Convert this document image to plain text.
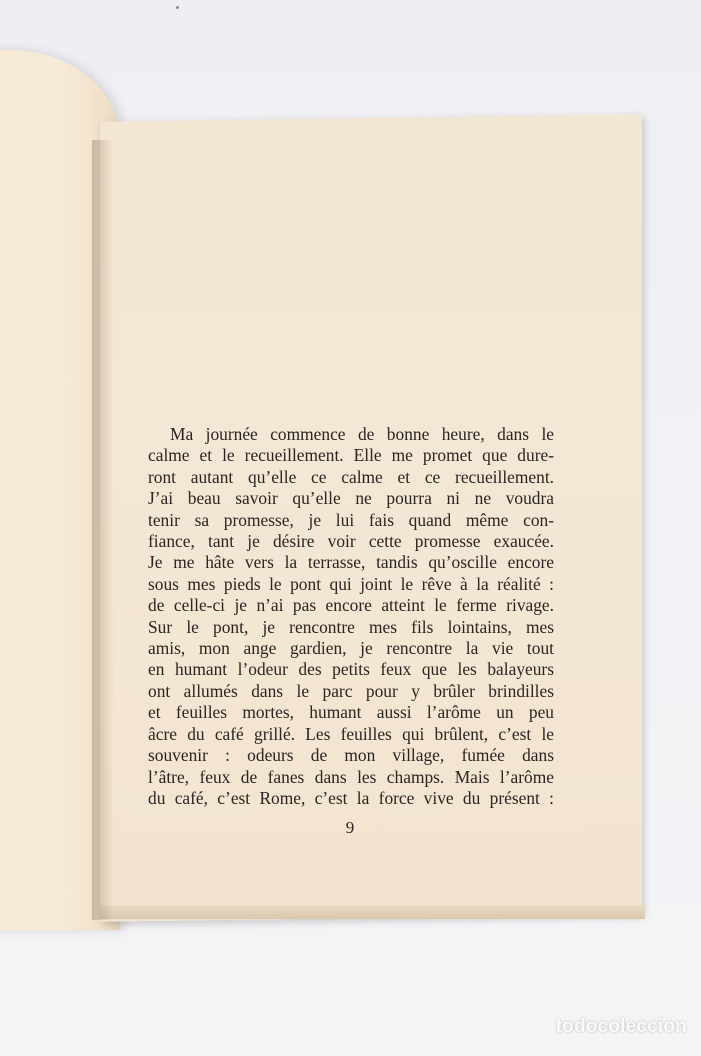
Ma journée commence de bonne heure, dans le
calme et le recueillement. Elle me promet que dure-
ront autant qu’elle ce calme et ce recueillement.
J’ai beau savoir qu’elle ne pourra ni ne voudra
tenir sa promesse, je lui fais quand même con-
fiance, tant je désire voir cette promesse exaucée.
Je me hâte vers la terrasse, tandis qu’oscille encore
sous mes pieds le pont qui joint le rêve à la réalité :
de celle-ci je n’ai pas encore atteint le ferme rivage.
Sur le pont, je rencontre mes fils lointains, mes
amis, mon ange gardien, je rencontre la vie tout
en humant l’odeur des petits feux que les balayeurs
ont allumés dans le parc pour y brûler brindilles
et feuilles mortes, humant aussi l’arôme un peu
âcre du café grillé. Les feuilles qui brûlent, c’est le
souvenir : odeurs de mon village, fumée dans
l’âtre, feux de fanes dans les champs. Mais l’arôme
du café, c’est Rome, c’est la force vive du présent :
9
todocoleccion
